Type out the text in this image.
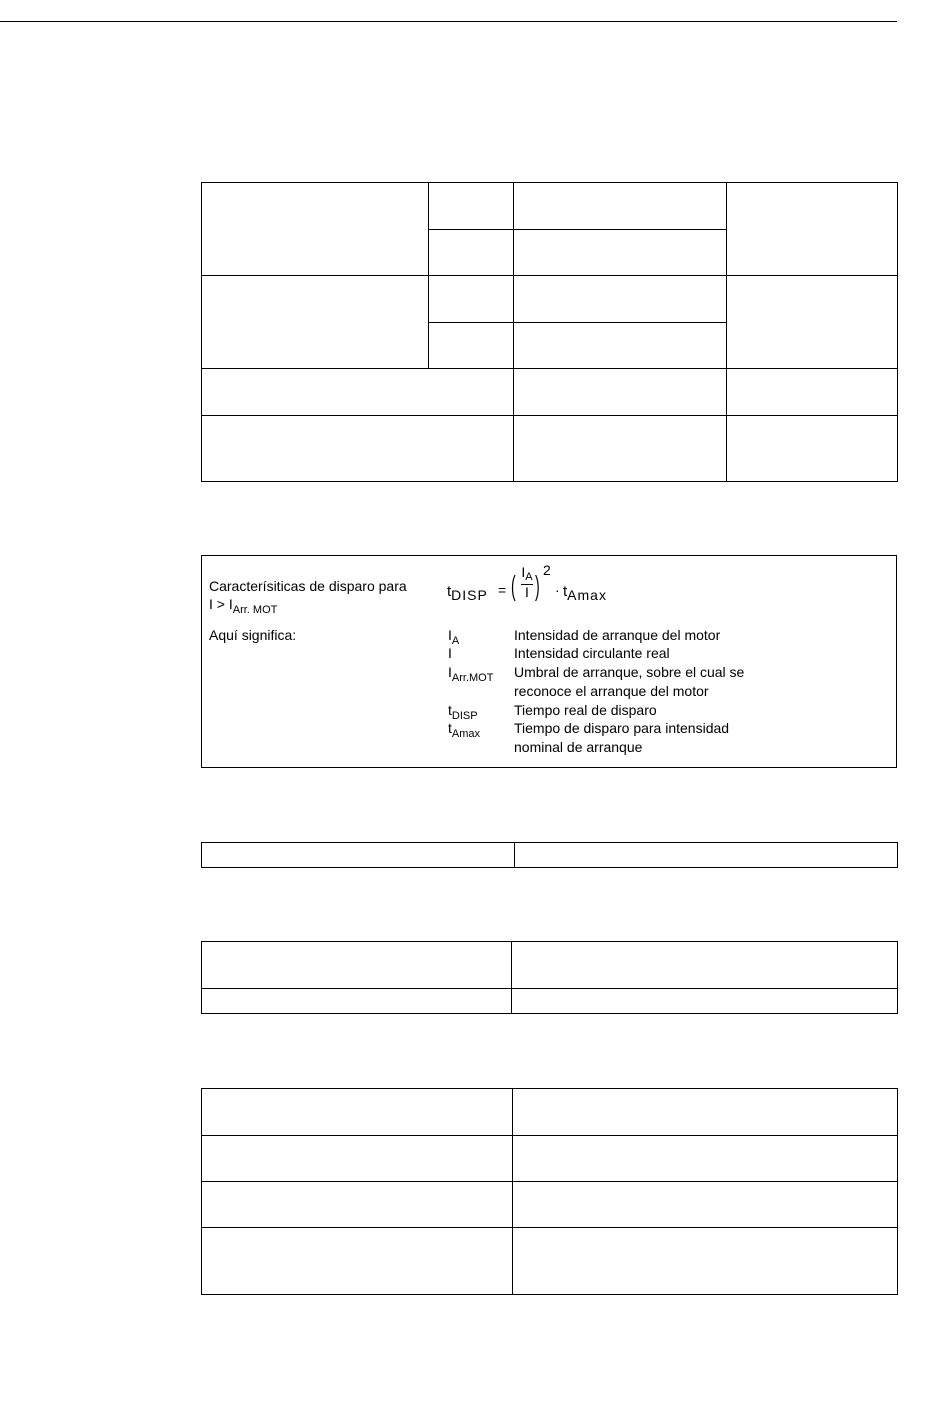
Caracterísiticas de disparo para
$I > I_{Arr. MOT}$
tDISP = ( $I_A$
I ) 2
· tAmax
Aquí significa:	$I_A$	Intensidad de arranque del motor
I	Intensidad circulante real
$I_{Arr.MOT}$ Umbral de arranque, sobre el cual se
reconoce el arranque del motor
$t_{DISP}$	Tiempo real de disparo
$t_{Amax}$ Tiempo de disparo para intensidad
nominal de arranque
